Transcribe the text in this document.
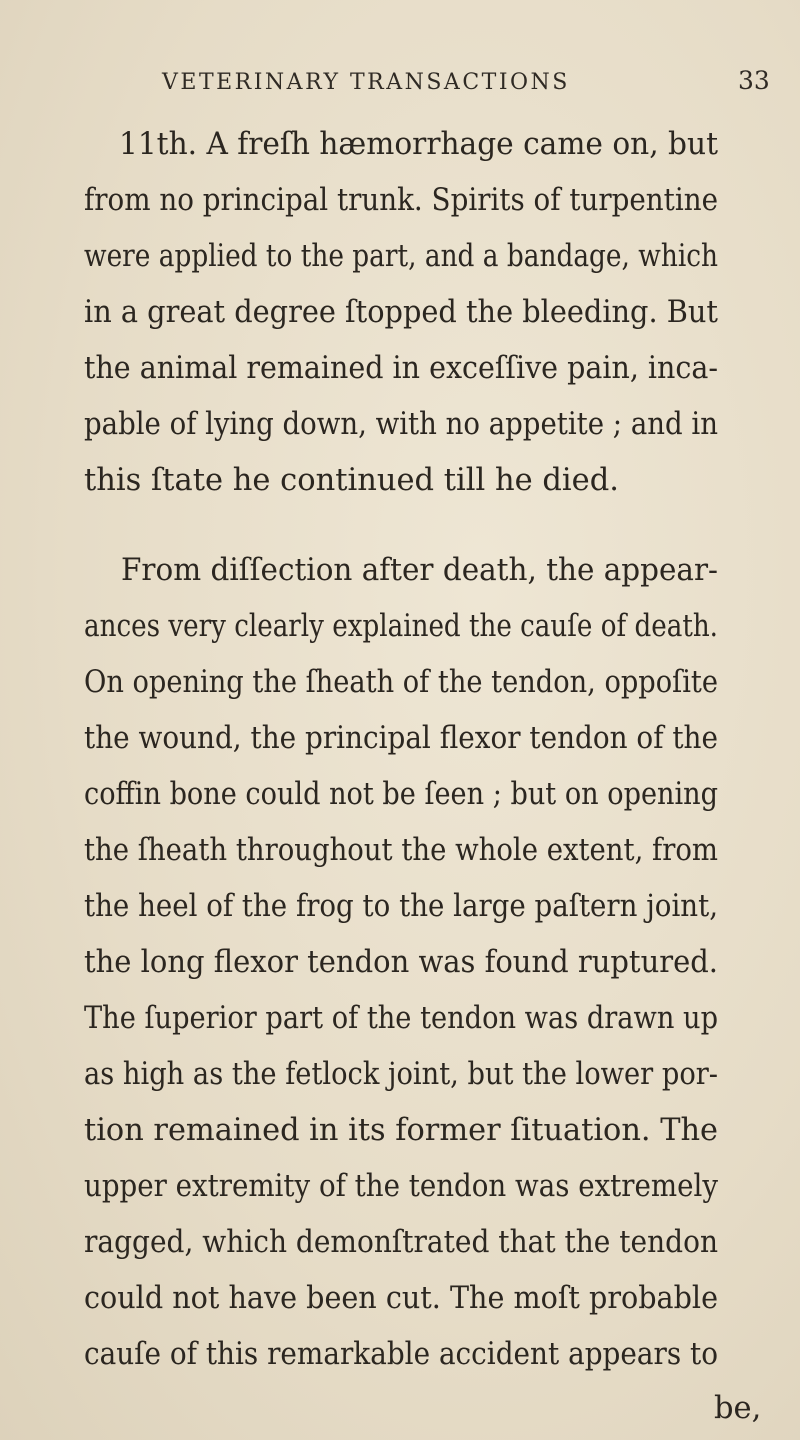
VETERINARY TRANSACTIONS	33
11th. A freſh hæmorrhage came on, but
from no principal trunk. Spirits of turpentine
were applied to the part, and a bandage, which
in a great degree ſtopped the bleeding. But
the animal remained in exceſſive pain, inca-
pable of lying down, with no appetite ; and in
this ſtate he continued till he died.
From diſſection after death, the appear-
ances very clearly explained the cauſe of death.
On opening the ſheath of the tendon, oppoſite
the wound, the principal flexor tendon of the
coffin bone could not be ſeen ; but on opening
the ſheath throughout the whole extent, from
the heel of the frog to the large paſtern joint,
the long flexor tendon was found ruptured.
The ſuperior part of the tendon was drawn up
as high as the fetlock joint, but the lower por-
tion remained in its former ſituation. The
upper extremity of the tendon was extremely
ragged, which demonſtrated that the tendon
could not have been cut. The moſt probable
cauſe of this remarkable accident appears to
be,
